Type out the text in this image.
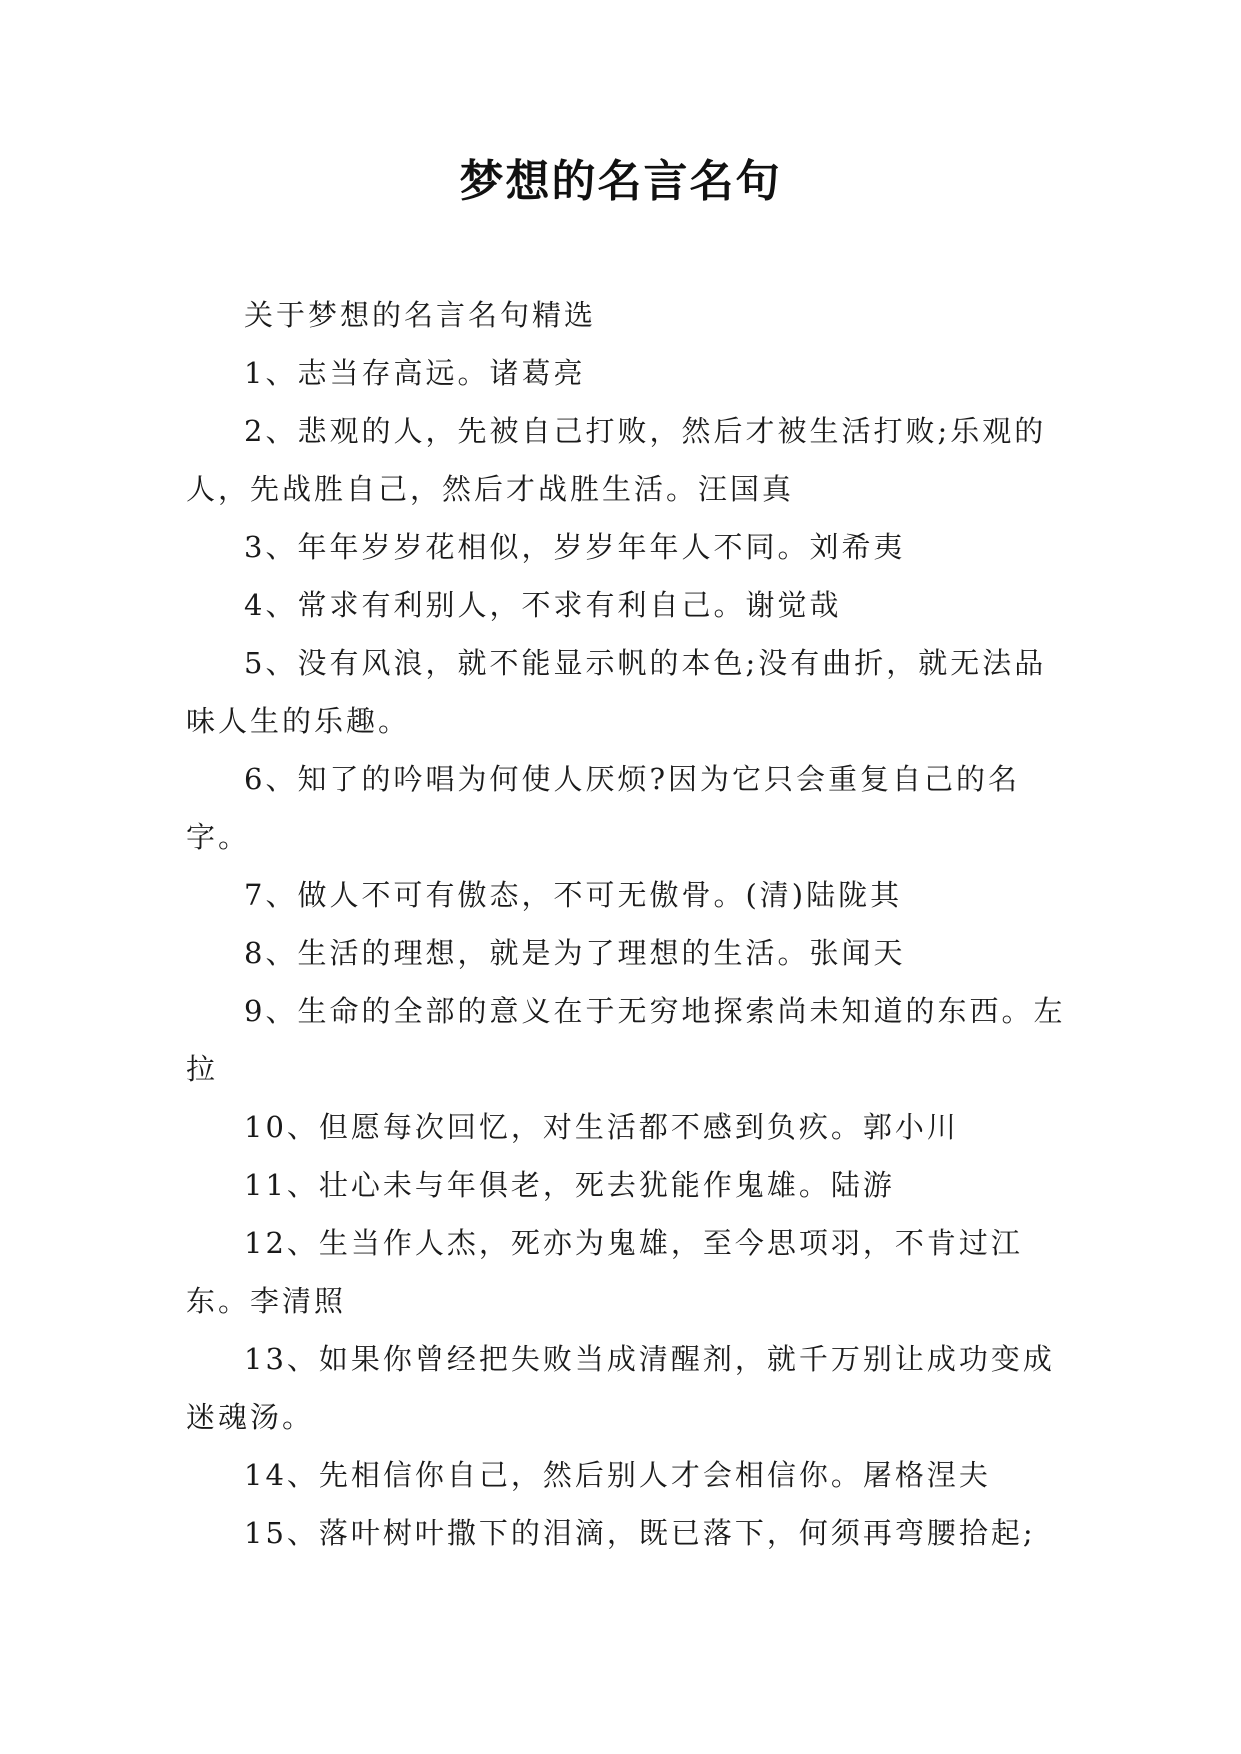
梦想的名言名句

关于梦想的名言名句精选

1、志当存高远。诸葛亮

2、悲观的人，先被自己打败，然后才被生活打败;乐观的人，先战胜自己，然后才战胜生活。汪国真

3、年年岁岁花相似，岁岁年年人不同。刘希夷

4、常求有利别人，不求有利自己。谢觉哉

5、没有风浪，就不能显示帆的本色;没有曲折，就无法品味人生的乐趣。

6、知了的吟唱为何使人厌烦?因为它只会重复自己的名字。

7、做人不可有傲态，不可无傲骨。(清)陆陇其

8、生活的理想，就是为了理想的生活。张闻天

9、生命的全部的意义在于无穷地探索尚未知道的东西。左拉

10、但愿每次回忆，对生活都不感到负疚。郭小川

11、壮心未与年俱老，死去犹能作鬼雄。陆游

12、生当作人杰，死亦为鬼雄，至今思项羽，不肯过江东。李清照

13、如果你曾经把失败当成清醒剂，就千万别让成功变成迷魂汤。

14、先相信你自己，然后别人才会相信你。屠格涅夫

15、落叶树叶撒下的泪滴，既已落下，何须再弯腰拾起;
